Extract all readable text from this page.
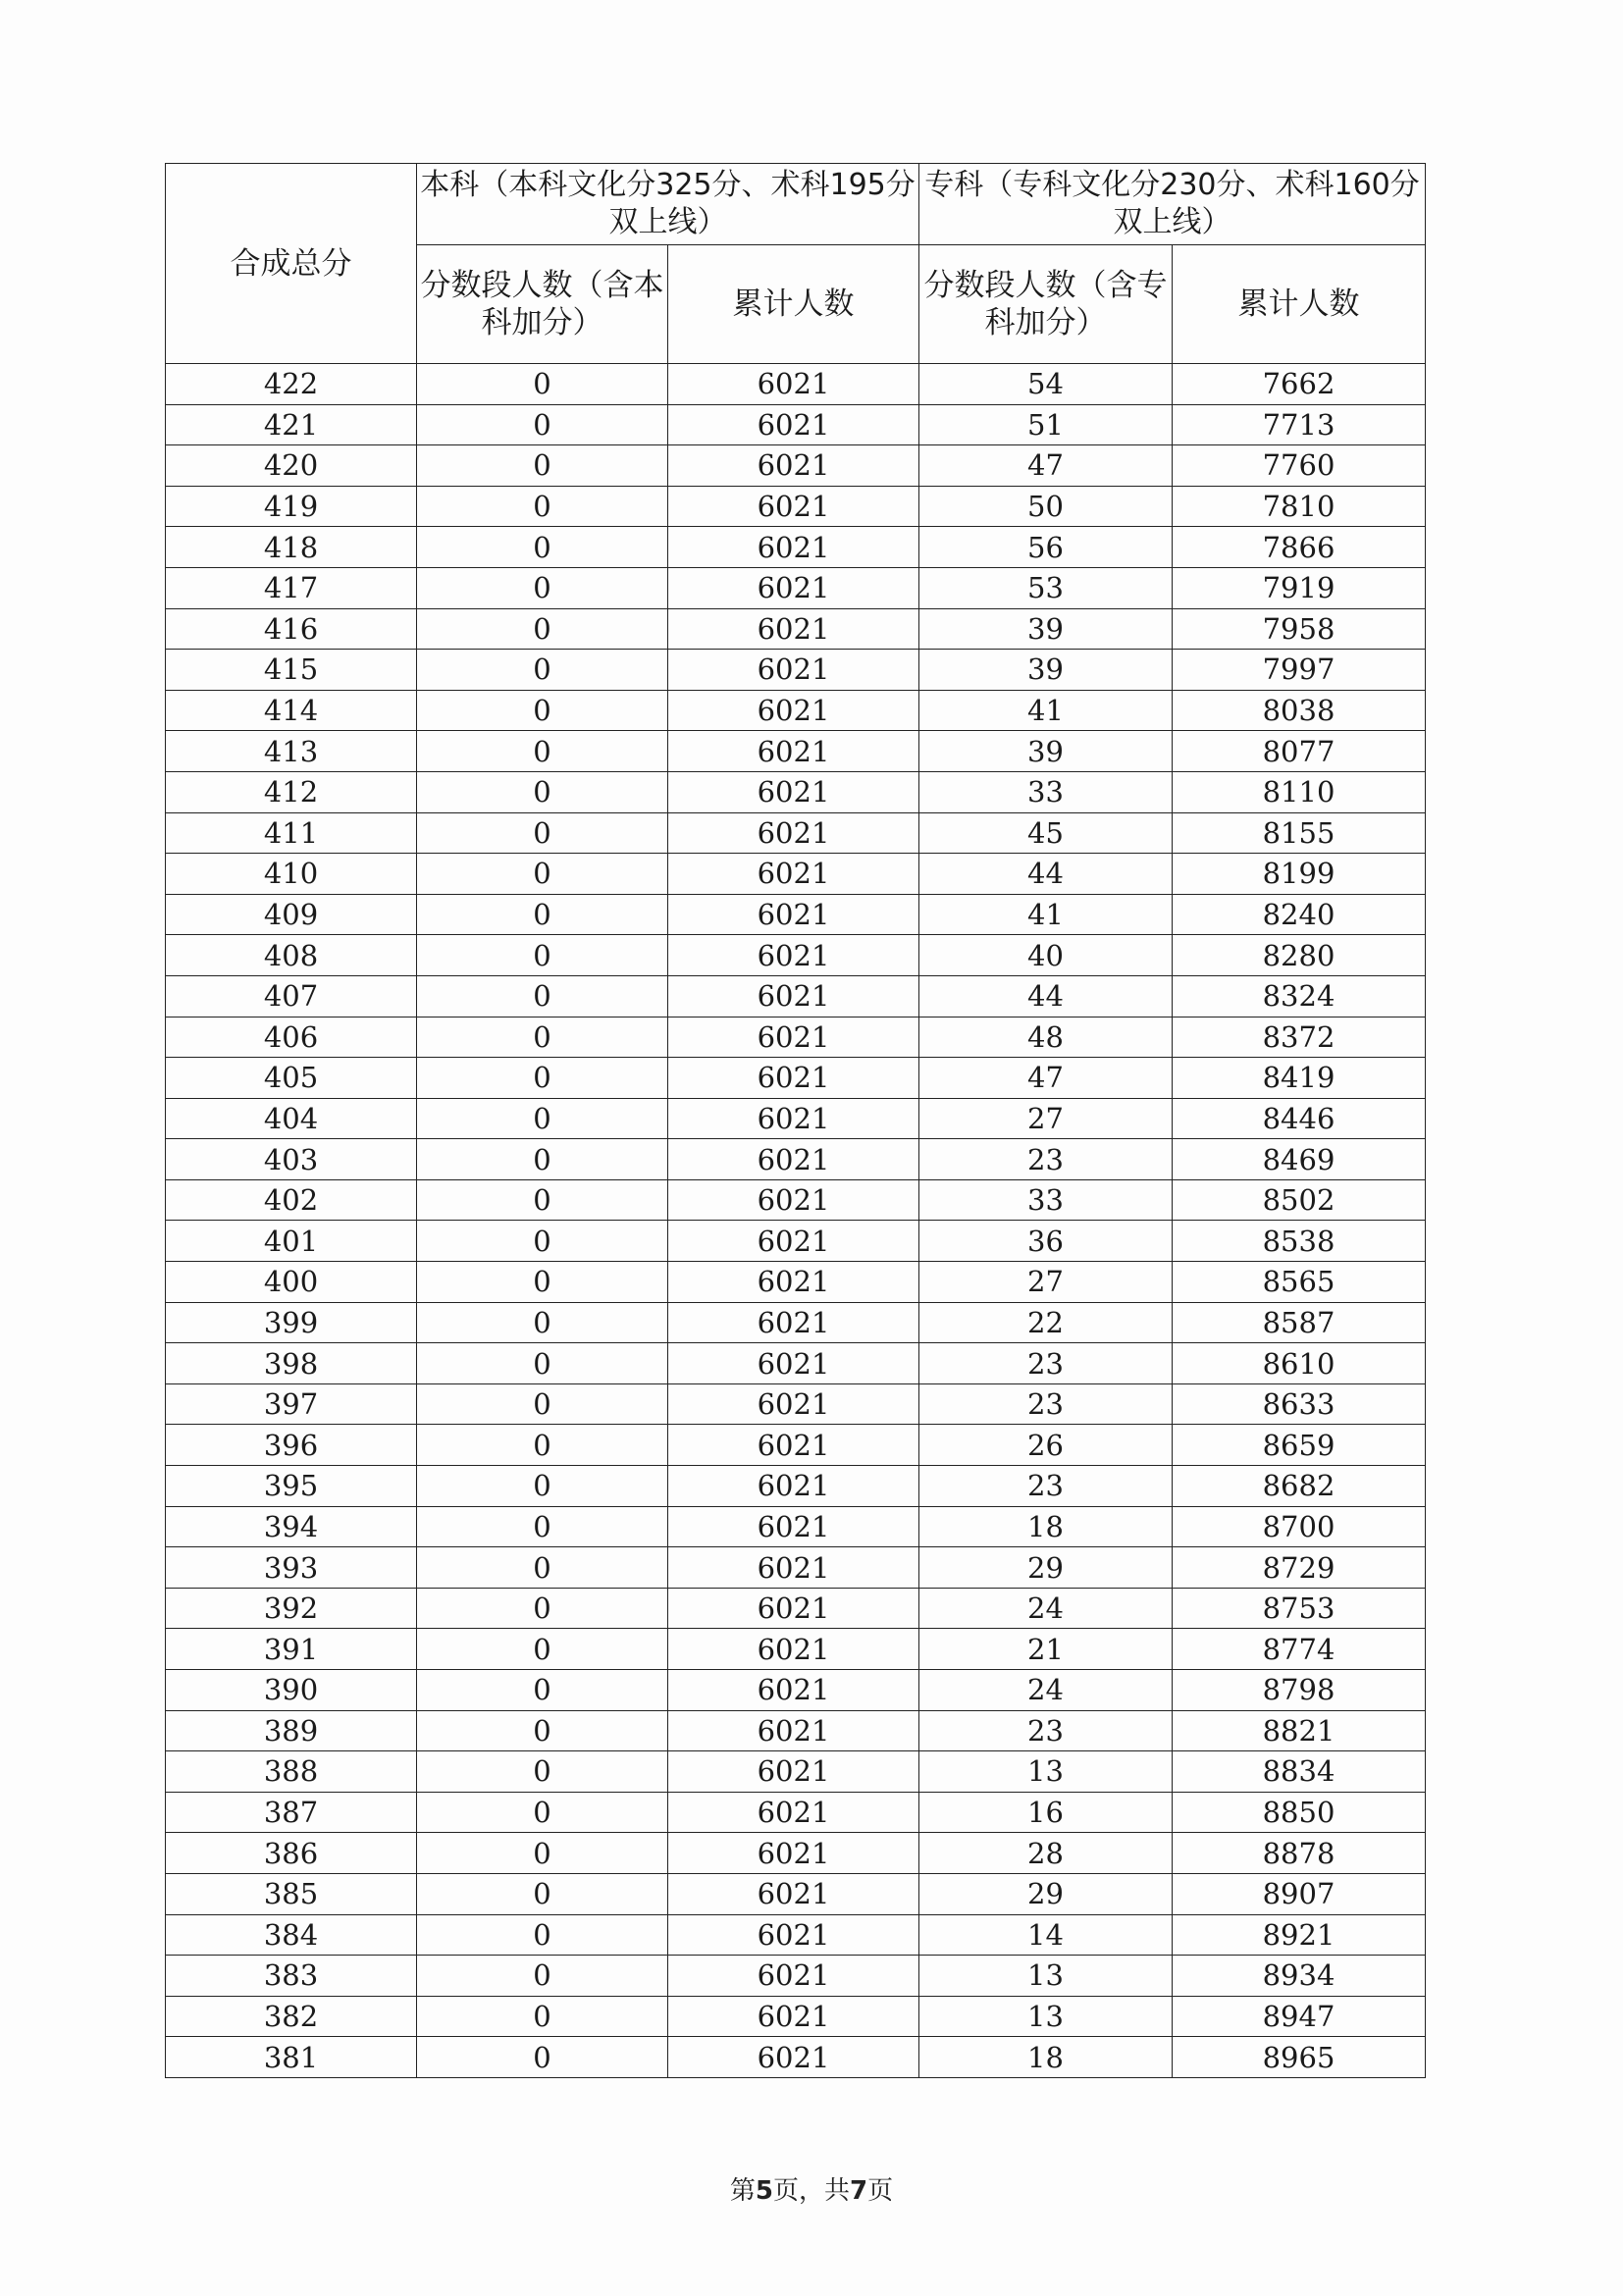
合成总分	本科（本科文化分325分、术科195分双上线）		专科（专科文化分230分、术科160分双上线）	
	分数段人数（含本科加分）	累计人数	分数段人数（含专科加分）	累计人数
422	0	6021	54	7662
421	0	6021	51	7713
420	0	6021	47	7760
419	0	6021	50	7810
418	0	6021	56	7866
417	0	6021	53	7919
416	0	6021	39	7958
415	0	6021	39	7997
414	0	6021	41	8038
413	0	6021	39	8077
412	0	6021	33	8110
411	0	6021	45	8155
410	0	6021	44	8199
409	0	6021	41	8240
408	0	6021	40	8280
407	0	6021	44	8324
406	0	6021	48	8372
405	0	6021	47	8419
404	0	6021	27	8446
403	0	6021	23	8469
402	0	6021	33	8502
401	0	6021	36	8538
400	0	6021	27	8565
399	0	6021	22	8587
398	0	6021	23	8610
397	0	6021	23	8633
396	0	6021	26	8659
395	0	6021	23	8682
394	0	6021	18	8700
393	0	6021	29	8729
392	0	6021	24	8753
391	0	6021	21	8774
390	0	6021	24	8798
389	0	6021	23	8821
388	0	6021	13	8834
387	0	6021	16	8850
386	0	6021	28	8878
385	0	6021	29	8907
384	0	6021	14	8921
383	0	6021	13	8934
382	0	6021	13	8947
381	0	6021	18	8965
第5页，共7页
